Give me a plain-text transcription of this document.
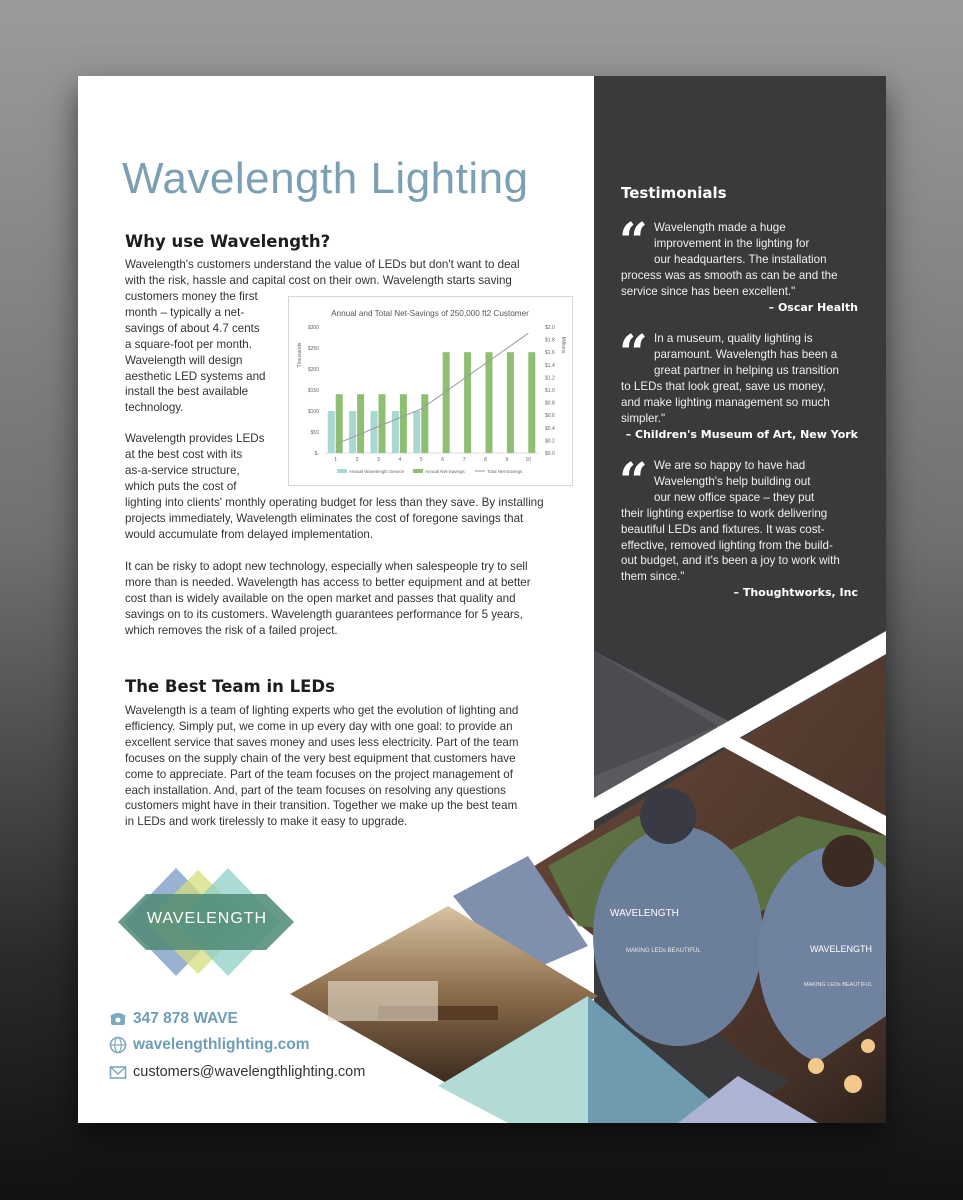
WAVELENGTH
MAKING LEDs BEAUTIFUL	WAVELENGTH
MAKING LEDs BEAUTIFUL
Wavelength Lighting
Why use Wavelength?
Wavelength's customers understand the value of LEDs but don't want to deal
with the risk, hassle and capital cost on their own. Wavelength starts saving
customers money the first
month – typically a net-
savings of about 4.7 cents
a square-foot per month.
Wavelength will design
aesthetic LED systems and
install the best available
technology.
Wavelength provides LEDs
at the best cost with its
as-a-service structure,
which puts the cost of
lighting into clients' monthly operating budget for less than they save. By installing
projects immediately, Wavelength eliminates the cost of foregone savings that
would accumulate from delayed implementation.
It can be risky to adopt new technology, especially when salespeople try to sell
more than is needed. Wavelength has access to better equipment and at better
cost than is widely available on the open market and passes that quality and
savings on to its customers. Wavelength guarantees performance for 5 years,
which removes the risk of a failed project.
Annual and Total Net-Savings of 250,000 ft2 Customer
Thousands	Millions
$-
$50
$100
$150
$200
$250
$300
$0.0
$0.2
$0.4
$0.6
$0.8
$1.0
$1.2
$1.4
$1.6
$1.8
$2.0
1	2	3	4	5	6	7	8	9	10
Annual Wavelength Service	Annual Net-Savings	Total Net-Savings
The Best Team in LEDs
Wavelength is a team of lighting experts who get the evolution of lighting and
efficiency. Simply put, we come in up every day with one goal: to provide an
excellent service that saves money and uses less electricity. Part of the team
focuses on the supply chain of the very best equipment that customers have
come to appreciate. Part of the team focuses on the project management of
each installation. And, part of the team focuses on resolving any questions
customers might have in their transition. Together we make up the best team
in LEDs and work tirelessly to make it easy to upgrade.
WAVELENGTH
347 878 WAVE
wavelengthlighting.com
customers@wavelengthlighting.com
Testimonials
“ Wavelength made a huge
improvement in the lighting for
our headquarters. The installation
process was as smooth as can be and the
service since has been excellent."
– Oscar Health
“ In a museum, quality lighting is
paramount. Wavelength has been a
great partner in helping us transition
to LEDs that look great, save us money,
and make lighting management so much
simpler."
– Children's Museum of Art, New York
“ We are so happy to have had
Wavelength's help building out
our new office space – they put
their lighting expertise to work delivering
beautiful LEDs and fixtures. It was cost-
effective, removed lighting from the build-
out budget, and it's been a joy to work with
them since."
– Thoughtworks, Inc
